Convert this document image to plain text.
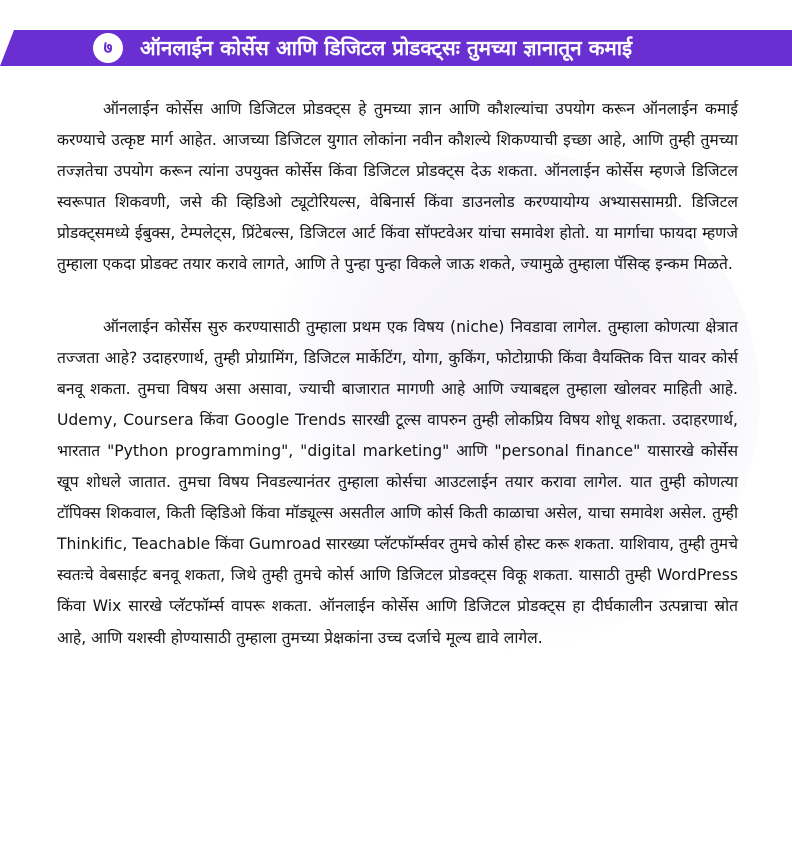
७	ऑनलाईन कोर्सेस आणि डिजिटल प्रोडक्ट्सः तुमच्या ज्ञानातून कमाई

ऑनलाईन कोर्सेस आणि डिजिटल प्रोडक्ट्स हे तुमच्या ज्ञान आणि कौशल्यांचा उपयोग करून ऑनलाईन कमाई करण्याचे उत्कृष्ट मार्ग आहेत. आजच्या डिजिटल युगात लोकांना नवीन कौशल्ये शिकण्याची इच्छा आहे, आणि तुम्ही तुमच्या तज्ज्ञतेचा उपयोग करून त्यांना उपयुक्त कोर्सेस किंवा डिजिटल प्रोडक्ट्स देऊ शकता. ऑनलाईन कोर्सेस म्हणजे डिजिटल स्वरूपात शिकवणी, जसे की व्हिडिओ ट्यूटोरियल्स, वेबिनार्स किंवा डाउनलोड करण्यायोग्य अभ्याससामग्री. डिजिटल प्रोडक्ट्समध्ये ईबुक्स, टेम्पलेट्स, प्रिंटेबल्स, डिजिटल आर्ट किंवा सॉफ्टवेअर यांचा समावेश होतो. या मार्गाचा फायदा म्हणजे तुम्हाला एकदा प्रोडक्ट तयार करावे लागते, आणि ते पुन्हा पुन्हा विकले जाऊ शकते, ज्यामुळे तुम्हाला पॅसिव्ह इन्कम मिळते.

ऑनलाईन कोर्सेस सुरु करण्यासाठी तुम्हाला प्रथम एक विषय (niche) निवडावा लागेल. तुम्हाला कोणत्या क्षेत्रात तज्जता आहे? उदाहरणार्थ, तुम्ही प्रोग्रामिंग, डिजिटल मार्केटिंग, योगा, कुकिंग, फोटोग्राफी किंवा वैयक्तिक वित्त यावर कोर्स बनवू शकता. तुमचा विषय असा असावा, ज्याची बाजारात मागणी आहे आणि ज्याबद्दल तुम्हाला खोलवर माहिती आहे. Udemy, Coursera किंवा Google Trends सारखी टूल्स वापरुन तुम्ही लोकप्रिय विषय शोधू शकता. उदाहरणार्थ, भारतात "Python programming", "digital marketing" आणि "personal finance" यासारखे कोर्सेस खूप शोधले जातात. तुमचा विषय निवडल्यानंतर तुम्हाला कोर्सचा आउटलाईन तयार करावा लागेल. यात तुम्ही कोणत्या टॉपिक्स शिकवाल, किती व्हिडिओ किंवा मॉड्यूल्स असतील आणि कोर्स किती काळाचा असेल, याचा समावेश असेल. तुम्ही Thinkific, Teachable किंवा Gumroad सारख्या प्लॅटफॉर्म्सवर तुमचे कोर्स होस्ट करू शकता. याशिवाय, तुम्ही तुमचे स्वतःचे वेबसाईट बनवू शकता, जिथे तुम्ही तुमचे कोर्स आणि डिजिटल प्रोडक्ट्स विकू शकता. यासाठी तुम्ही WordPress किंवा Wix सारखे प्लॅटफॉर्म्स वापरू शकता. ऑनलाईन कोर्सेस आणि डिजिटल प्रोडक्ट्स हा दीर्घकालीन उत्पन्नाचा स्रोत आहे, आणि यशस्वी होण्यासाठी तुम्हाला तुमच्या प्रेक्षकांना उच्च दर्जाचे मूल्य द्यावे लागेल.
